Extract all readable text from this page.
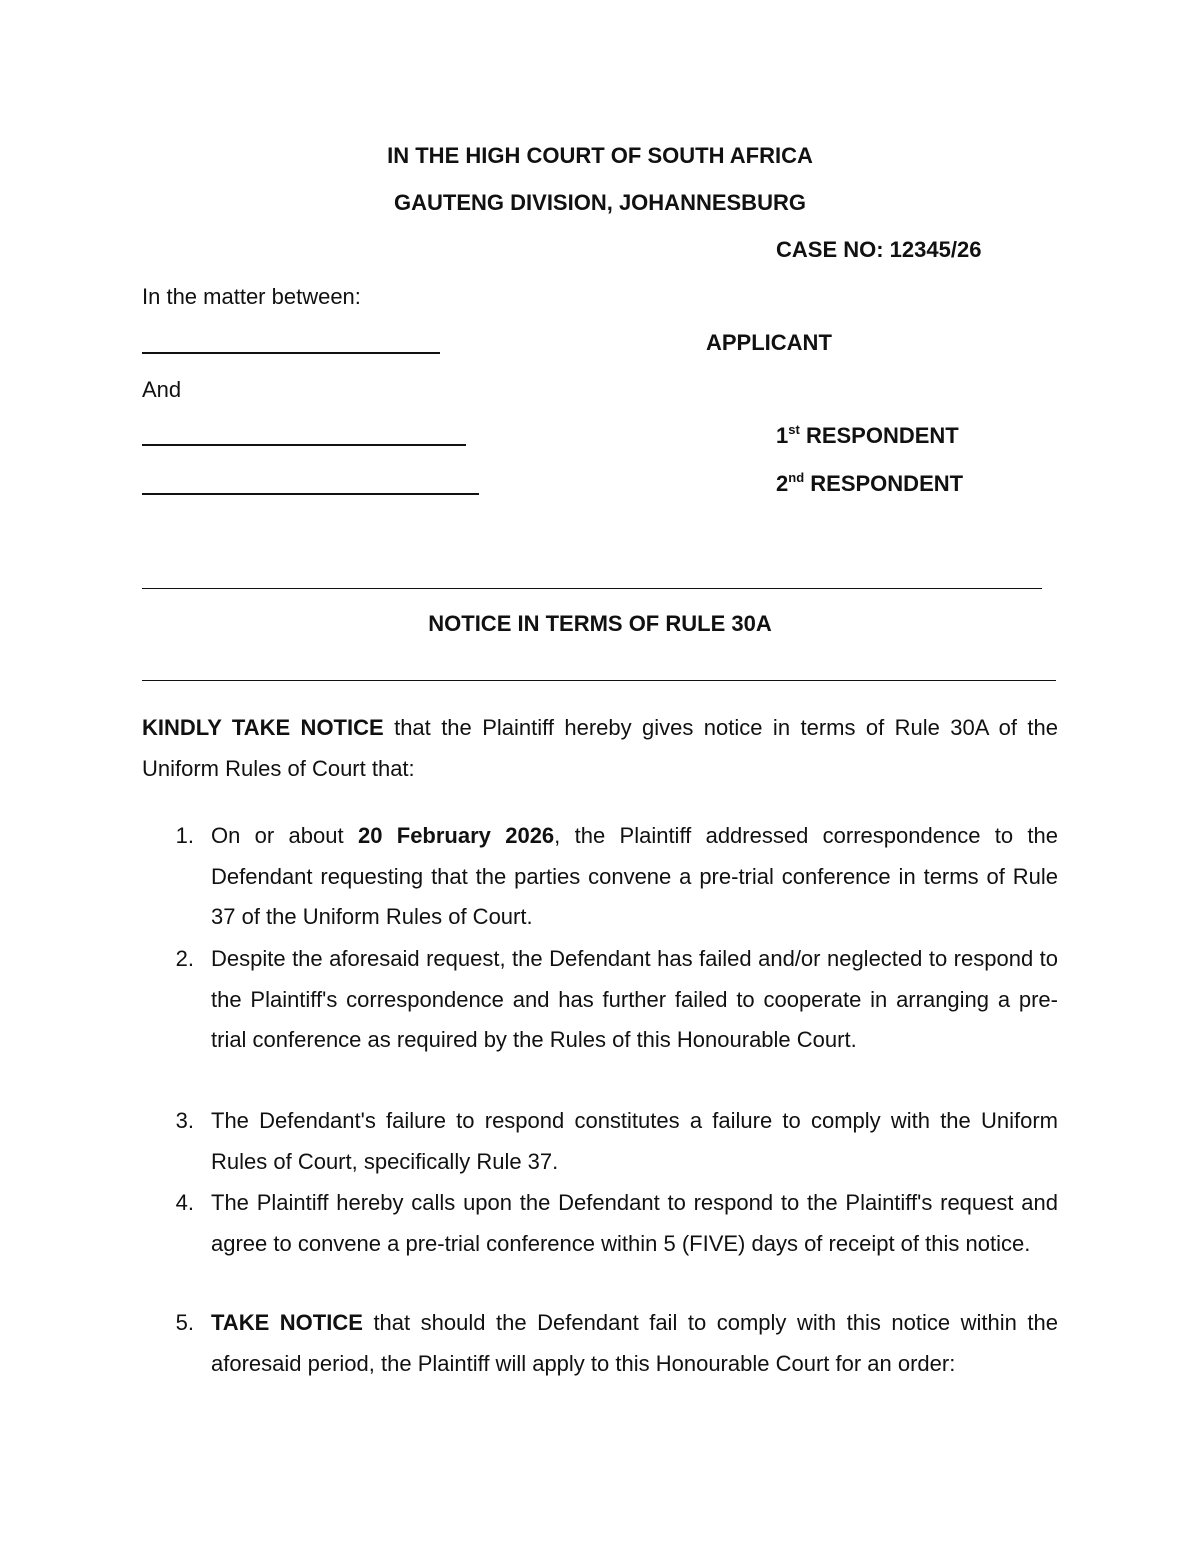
IN THE HIGH COURT OF SOUTH AFRICA
GAUTENG DIVISION, JOHANNESBURG
CASE NO: 12345/26
In the matter between:
APPLICANT
And
1st RESPONDENT
2nd RESPONDENT
NOTICE IN TERMS OF RULE 30A
KINDLY TAKE NOTICE that the Plaintiff hereby gives notice in terms of Rule 30A of the Uniform Rules of Court that:
1. On or about 20 February 2026, the Plaintiff addressed correspondence to the Defendant requesting that the parties convene a pre-trial conference in terms of Rule 37 of the Uniform Rules of Court.
2. Despite the aforesaid request, the Defendant has failed and/or neglected to respond to the Plaintiff's correspondence and has further failed to cooperate in arranging a pre-trial conference as required by the Rules of this Honourable Court.
3. The Defendant's failure to respond constitutes a failure to comply with the Uniform Rules of Court, specifically Rule 37.
4. The Plaintiff hereby calls upon the Defendant to respond to the Plaintiff's request and agree to convene a pre-trial conference within 5 (FIVE) days of receipt of this notice.
5. TAKE NOTICE that should the Defendant fail to comply with this notice within the aforesaid period, the Plaintiff will apply to this Honourable Court for an order:
